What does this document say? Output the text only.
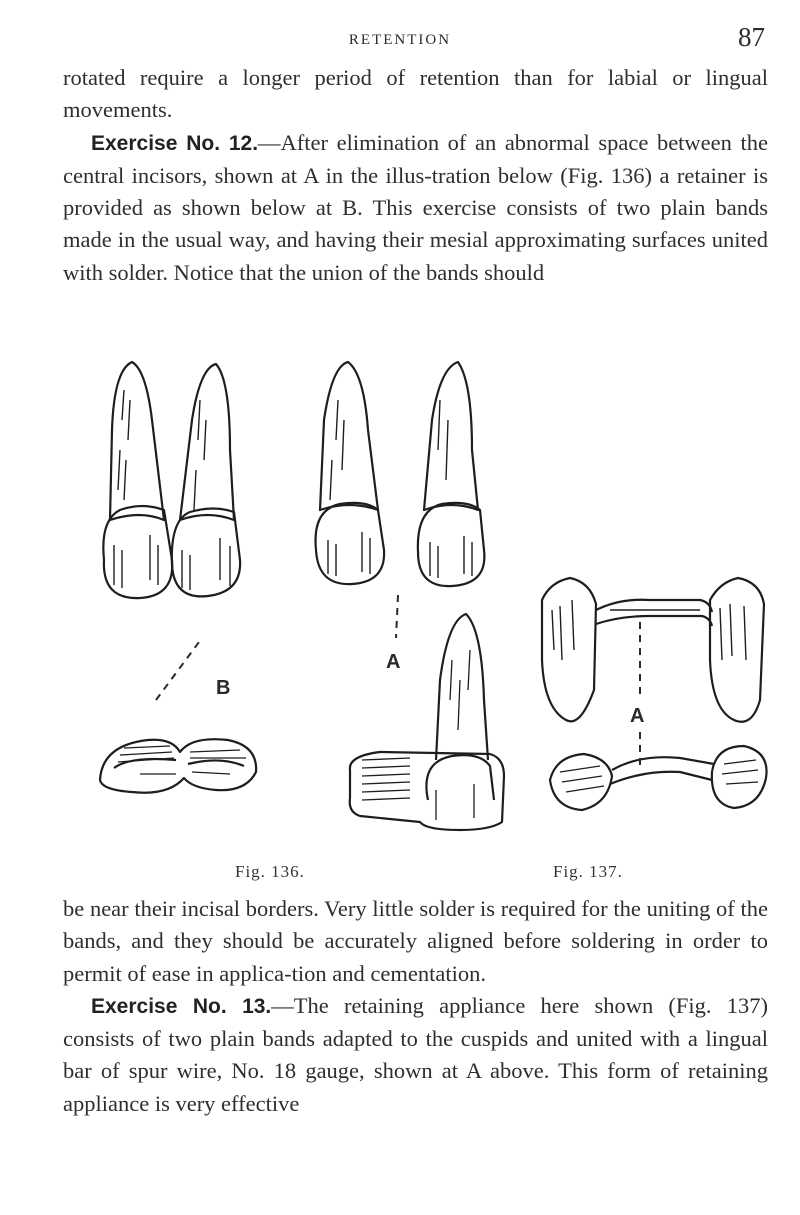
RETENTION	87

rotated require a longer period of retention than for labial or lingual movements.

Exercise No. 12.—After elimination of an abnormal space between the central incisors, shown at A in the illus-tration below (Fig. 136) a retainer is provided as shown below at B. This exercise consists of two plain bands made in the usual way, and having their mesial approximating surfaces united with solder. Notice that the union of the bands should

A
B
A
Fig. 136.	Fig. 137.

be near their incisal borders. Very little solder is required for the uniting of the bands, and they should be accurately aligned before soldering in order to permit of ease in applica-tion and cementation.

Exercise No. 13.—The retaining appliance here shown (Fig. 137) consists of two plain bands adapted to the cuspids and united with a lingual bar of spur wire, No. 18 gauge, shown at A above. This form of retaining appliance is very effective
